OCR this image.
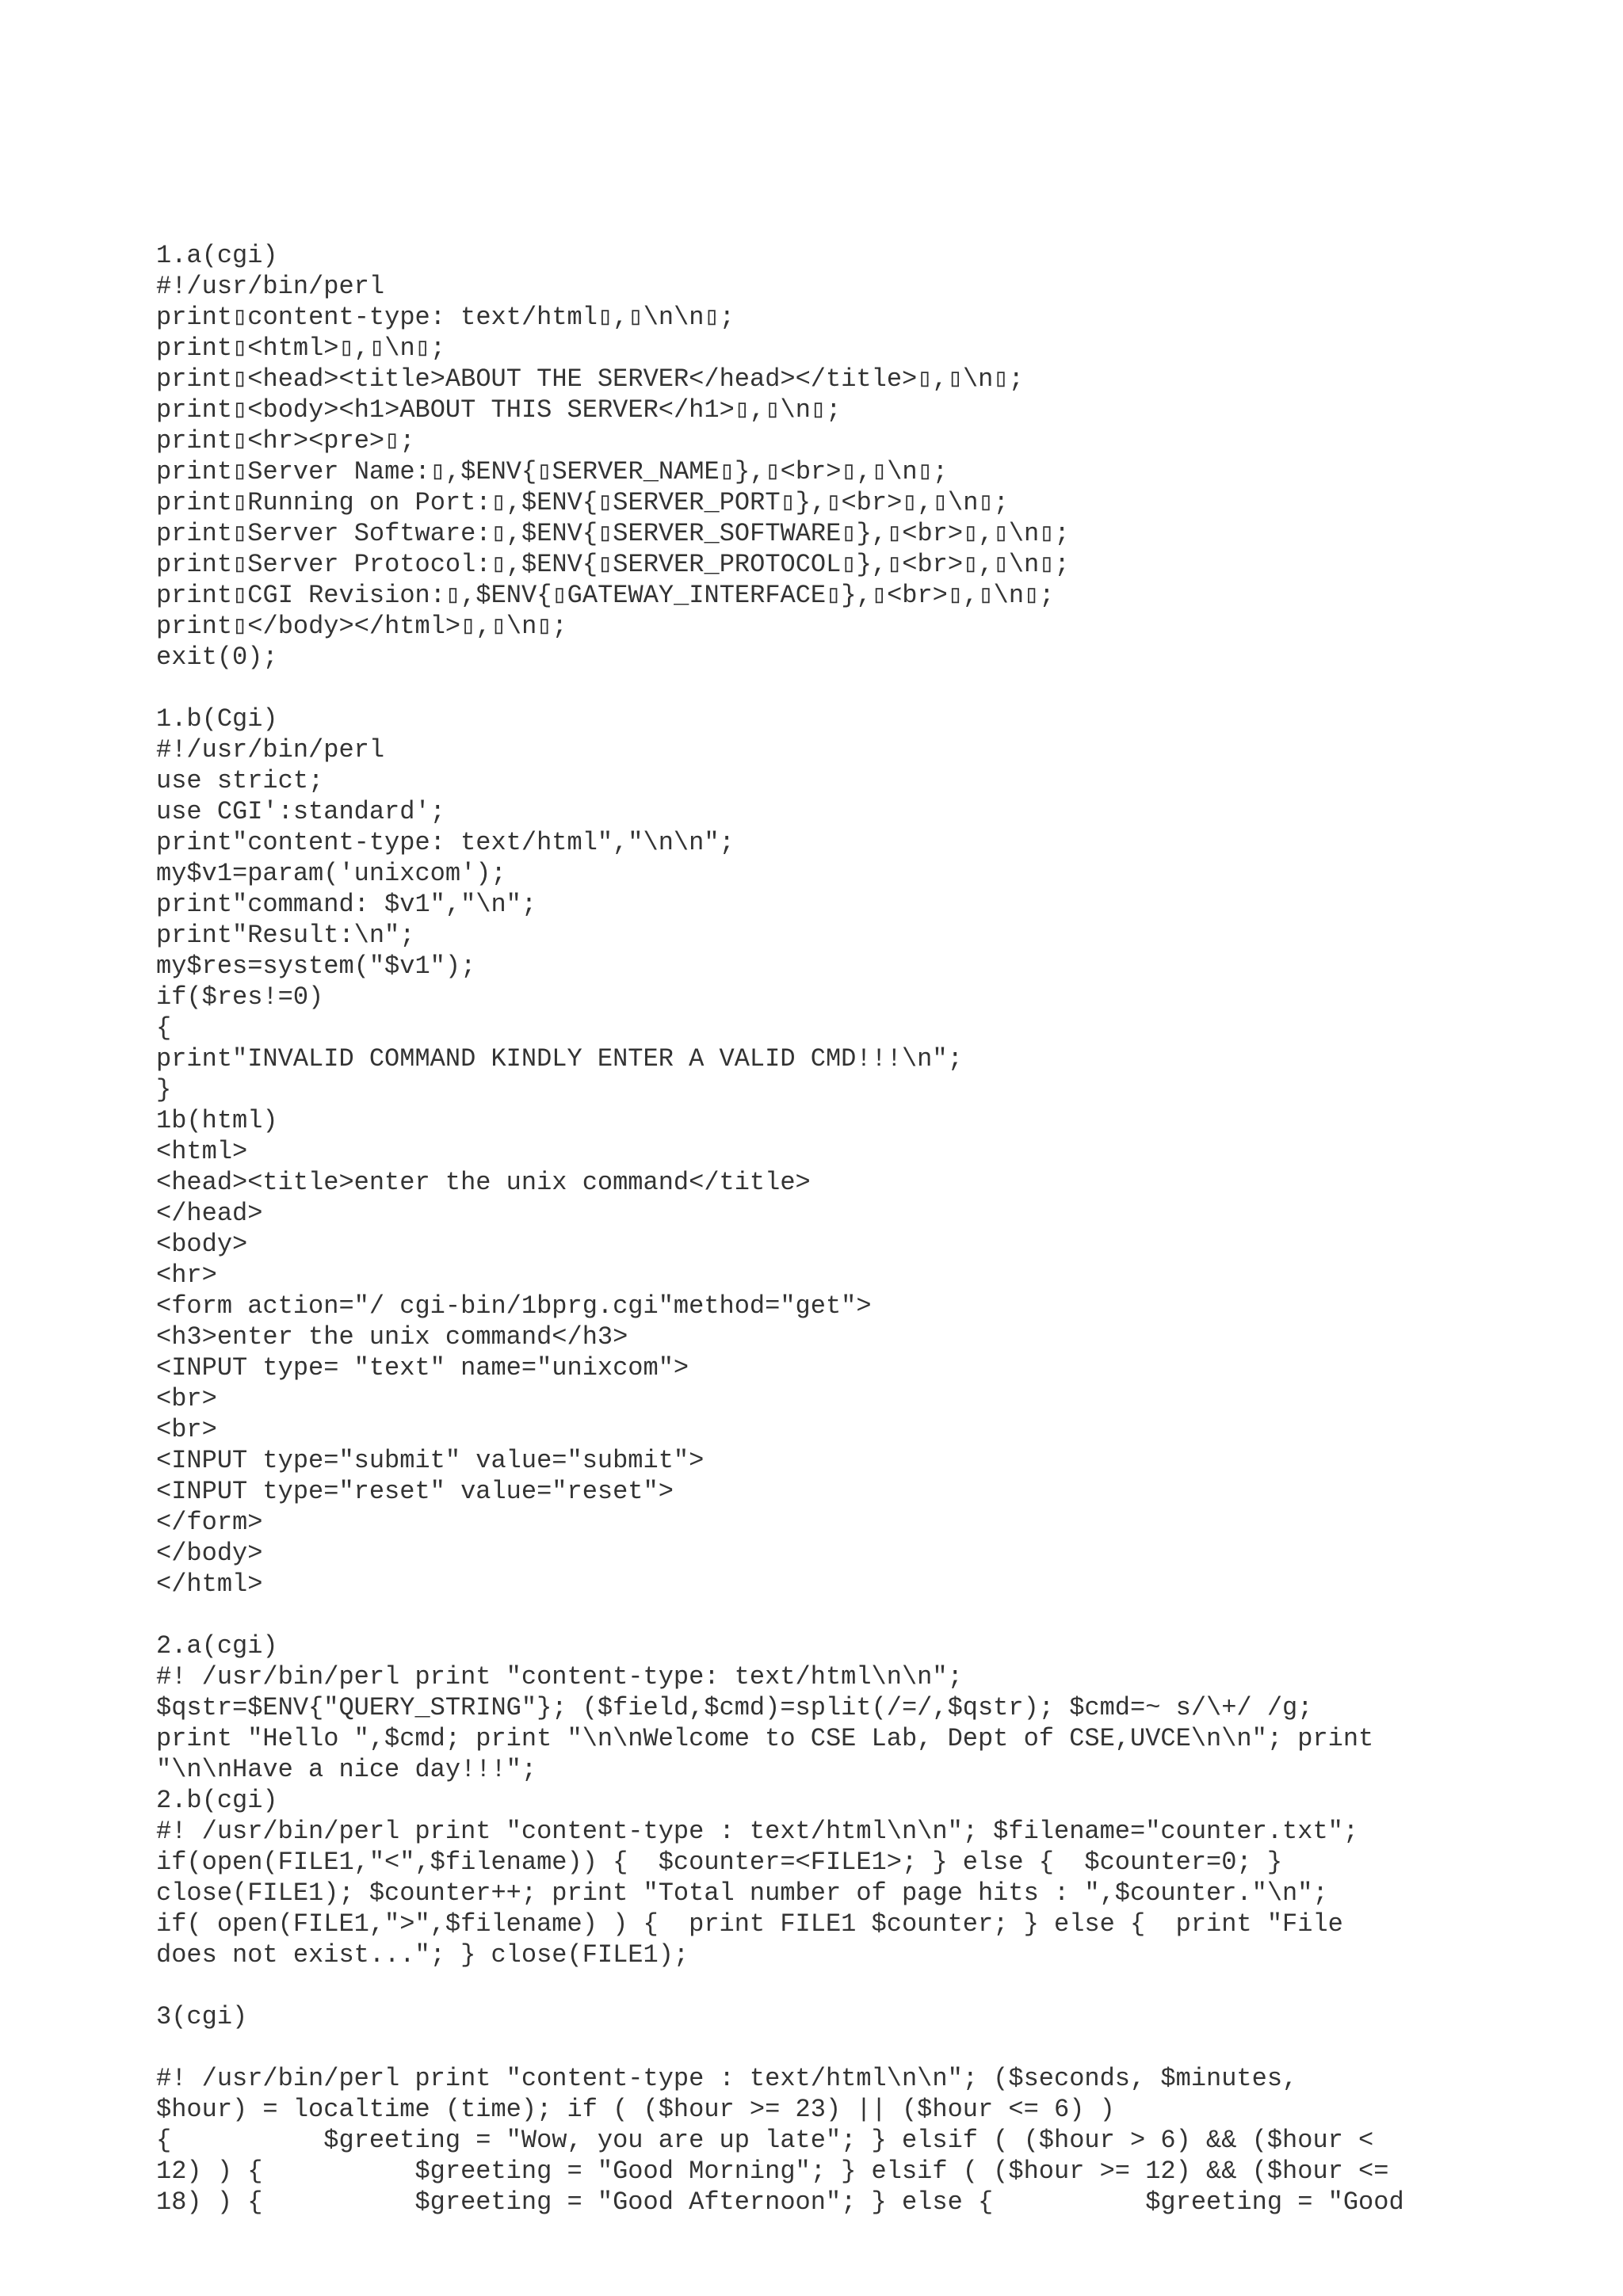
1.a(cgi)
#!/usr/bin/perl
print▯content-type: text/html▯,▯\n\n▯;
print▯<html>▯,▯\n▯;
print▯<head><title>ABOUT THE SERVER</head></title>▯,▯\n▯;
print▯<body><h1>ABOUT THIS SERVER</h1>▯,▯\n▯;
print▯<hr><pre>▯;
print▯Server Name:▯,$ENV{▯SERVER_NAME▯},▯<br>▯,▯\n▯;
print▯Running on Port:▯,$ENV{▯SERVER_PORT▯},▯<br>▯,▯\n▯;
print▯Server Software:▯,$ENV{▯SERVER_SOFTWARE▯},▯<br>▯,▯\n▯;
print▯Server Protocol:▯,$ENV{▯SERVER_PROTOCOL▯},▯<br>▯,▯\n▯;
print▯CGI Revision:▯,$ENV{▯GATEWAY_INTERFACE▯},▯<br>▯,▯\n▯;
print▯</body></html>▯,▯\n▯;
exit(0);
1.b(Cgi)
#!/usr/bin/perl
use strict;
use CGI':standard';
print"content-type: text/html","\n\n";
my$v1=param('unixcom');
print"command: $v1","\n";
print"Result:\n";
my$res=system("$v1");
if($res!=0)
{
print"INVALID COMMAND KINDLY ENTER A VALID CMD!!!\n";
}
1b(html)
<html>
<head><title>enter the unix command</title>
</head>
<body>
<hr>
<form action="/ cgi-bin/1bprg.cgi"method="get">
<h3>enter the unix command</h3>
<INPUT type= "text" name="unixcom">
<br>
<br>
<INPUT type="submit" value="submit">
<INPUT type="reset" value="reset">
</form>
</body>
</html>
2.a(cgi)
#! /usr/bin/perl print "content-type: text/html\n\n";
$qstr=$ENV{"QUERY_STRING"}; ($field,$cmd)=split(/=/,$qstr); $cmd=~ s/\+/ /g;
print "Hello ",$cmd; print "\n\nWelcome to CSE Lab, Dept of CSE,UVCE\n\n"; print
"\n\nHave a nice day!!!";
2.b(cgi)
#! /usr/bin/perl print "content-type : text/html\n\n"; $filename="counter.txt";
if(open(FILE1,"<",$filename)) {  $counter=<FILE1>; } else {  $counter=0; }
close(FILE1); $counter++; print "Total number of page hits : ",$counter."\n";
if( open(FILE1,">",$filename) ) {  print FILE1 $counter; } else {  print "File
does not exist..."; } close(FILE1);
3(cgi)
#! /usr/bin/perl print "content-type : text/html\n\n"; ($seconds, $minutes,
$hour) = localtime (time); if ( ($hour >= 23) || ($hour <= 6) )
{          $greeting = "Wow, you are up late"; } elsif ( ($hour > 6) && ($hour <
12) ) {          $greeting = "Good Morning"; } elsif ( ($hour >= 12) && ($hour <=
18) ) {          $greeting = "Good Afternoon"; } else {          $greeting = "Good
